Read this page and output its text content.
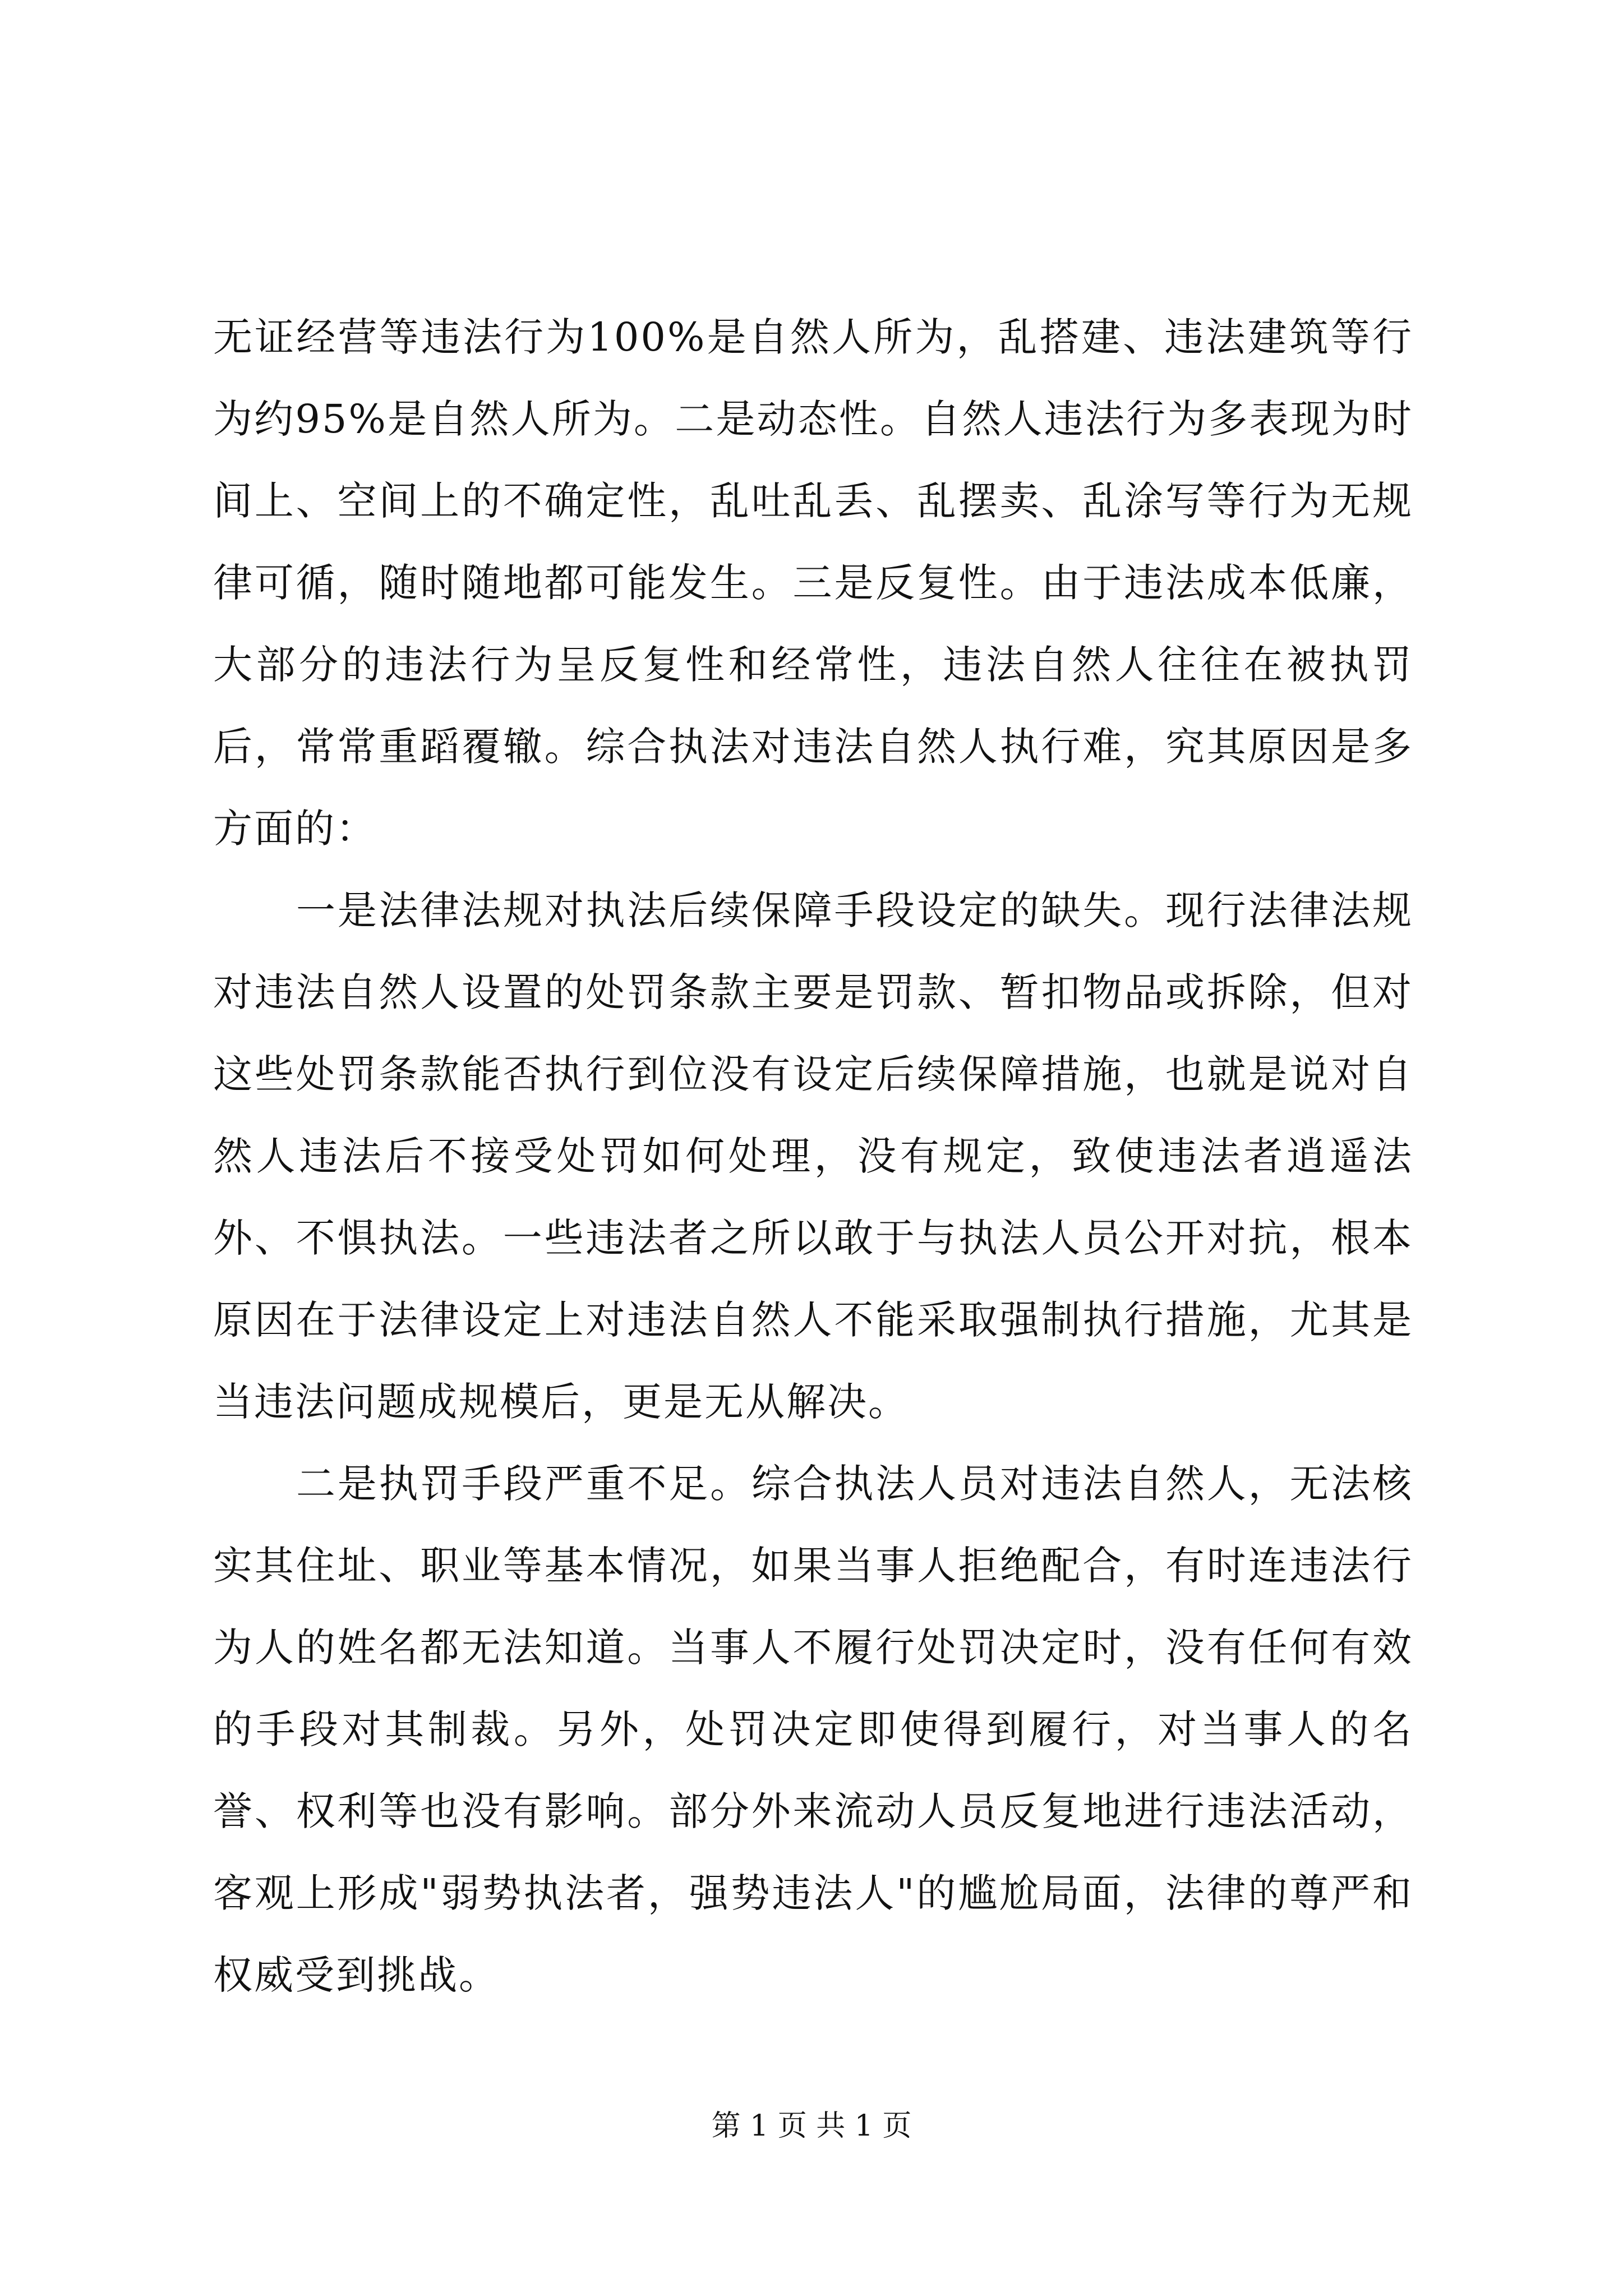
无证经营等违法行为100%是自然人所为，乱搭建、违法建筑等行为约95%是自然人所为。二是动态性。自然人违法行为多表现为时间上、空间上的不确定性，乱吐乱丢、乱摆卖、乱涂写等行为无规律可循，随时随地都可能发生。三是反复性。由于违法成本低廉，大部分的违法行为呈反复性和经常性，违法自然人往往在被执罚后，常常重蹈覆辙。综合执法对违法自然人执行难，究其原因是多方面的：

一是法律法规对执法后续保障手段设定的缺失。现行法律法规对违法自然人设置的处罚条款主要是罚款、暂扣物品或拆除，但对这些处罚条款能否执行到位没有设定后续保障措施，也就是说对自然人违法后不接受处罚如何处理，没有规定，致使违法者逍遥法外、不惧执法。一些违法者之所以敢于与执法人员公开对抗，根本原因在于法律设定上对违法自然人不能采取强制执行措施，尤其是当违法问题成规模后，更是无从解决。

二是执罚手段严重不足。综合执法人员对违法自然人，无法核实其住址、职业等基本情况，如果当事人拒绝配合，有时连违法行为人的姓名都无法知道。当事人不履行处罚决定时，没有任何有效的手段对其制裁。另外，处罚决定即使得到履行，对当事人的名誉、权利等也没有影响。部分外来流动人员反复地进行违法活动，客观上形成"弱势执法者，强势违法人"的尴尬局面，法律的尊严和权威受到挑战。

第 1 页 共 1 页
